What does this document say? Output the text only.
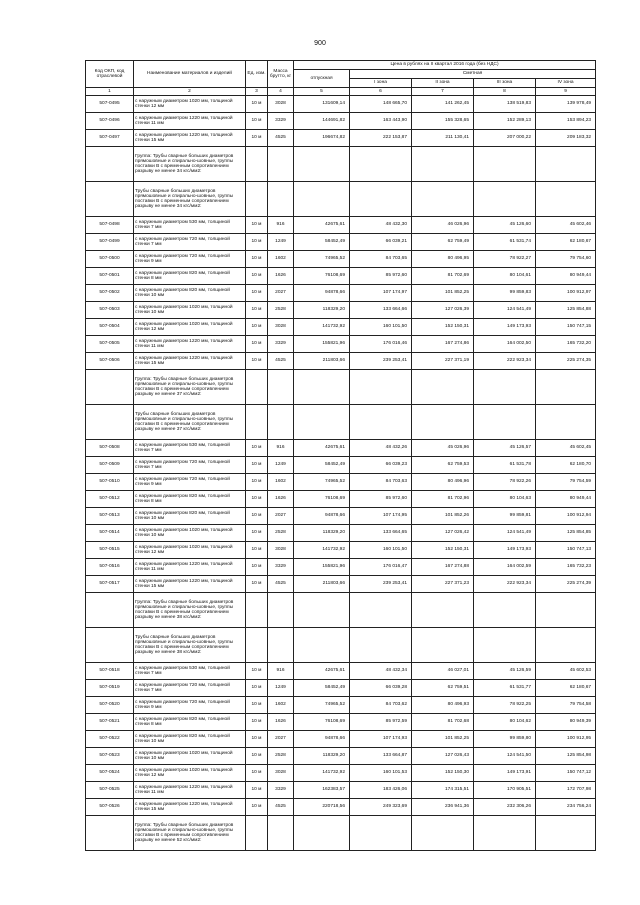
900
Код ОКП, код отраслевой	Наименование материалов и изделий	Ед. изм.	Масса брутто, кг	Цена в рублях на II квартал 2016 года (без НДС)				
				отпускная	Сметная			
					I зона	II зона	III зона	IV зона
1	2	3	4	5	6	7	8	9
507-0495	с наружным диаметром 1020 мм, толщиной стенки 12 мм	10 м	3028	131609,14	148 665,70	141 262,45	138 519,83	139 978,49
507-0496	с наружным диаметром 1220 мм, толщиной стенки 11 мм	10 м	3329	144691,82	163 443,90	155 328,65	152 289,13	153 894,23
507-0497	с наружным диаметром 1220 мм, толщиной стенки 15 мм	10 м	4525	196674,82	222 153,87	211 130,41	207 000,22	209 183,32
	Группа: Трубы сварные больших диаметров прямошовные и спирально-шовные, группы поставки В с временным сопротивлением разрыву не менее 34 кгс/мм2:							
	Трубы сварные больших диаметров прямошовные и спирально-шовные, группы поставки В с временным сопротивлением разрыву не менее 34 кгс/мм2:							
507-0498	с наружным диаметром 530 мм, толщиной стенки 7 мм	10 м	916	42675,61	48 432,30	46 026,96	45 126,60	45 602,46
507-0499	с наружным диаметром 720 мм, толщиной стенки 7 мм	10 м	1249	58452,49	66 039,21	62 759,49	61 531,74	62 180,67
507-0500	с наружным диаметром 720 мм, толщиной стенки 9 мм	10 м	1602	74965,52	84 703,65	80 496,95	78 922,27	79 754,60
507-0501	с наружным диаметром 820 мм, толщиной стенки 8 мм	10 м	1626	76108,69	85 972,60	81 702,69	80 104,61	80 949,44
507-0502	с наружным диаметром 820 мм, толщиной стенки 10 мм	10 м	2027	94878,66	107 174,97	101 852,25	99 859,83	100 912,97
507-0503	с наружным диаметром 1020 мм, толщиной стенки 10 мм	10 м	2528	118329,20	133 664,66	127 026,39	124 541,49	125 854,88
507-0504	с наружным диаметром 1020 мм, толщиной стенки 12 мм	10 м	3028	141732,92	160 101,50	152 150,31	149 173,93	150 747,15
507-0505	с наружным диаметром 1220 мм, толщиной стенки 11 мм	10 м	3329	155821,96	176 016,46	167 274,86	164 002,50	165 732,20
507-0506	с наружным диаметром 1220 мм, толщиной стенки 15 мм	10 м	4525	211803,66	239 253,41	227 371,19	222 923,34	225 274,35
	Группа: Трубы сварные больших диаметров прямошовные и спирально-шовные, группы поставки В с временным сопротивлением разрыву не менее 37 кгс/мм2:							
	Трубы сварные больших диаметров прямошовные и спирально-шовные, группы поставки В с временным сопротивлением разрыву не менее 37 кгс/мм2:							
507-0508	с наружным диаметром 530 мм, толщиной стенки 7 мм	10 м	916	42675,61	48 432,26	45 026,96	45 126,57	45 602,45
507-0509	с наружным диаметром 720 мм, толщиной стенки 7 мм	10 м	1249	58452,49	66 039,23	62 759,53	61 531,78	62 180,70
507-0510	с наружным диаметром 720 мм, толщиной стенки 9 мм	10 м	1602	74965,52	84 703,63	80 496,96	78 922,26	79 754,59
507-0512	с наружным диаметром 820 мм, толщиной стенки 8 мм	10 м	1626	76108,69	85 972,60	81 702,96	80 104,63	80 949,44
507-0513	с наружным диаметром 820 мм, толщиной стенки 10 мм	10 м	2027	94878,66	107 174,95	101 852,26	99 859,81	100 912,94
507-0514	с наружным диаметром 1020 мм, толщиной стенки 10 мм	10 м	2528	118329,20	133 664,65	127 026,42	124 541,49	125 854,85
507-0515	с наружным диаметром 1020 мм, толщиной стенки 12 мм	10 м	3028	141732,92	160 101,50	152 150,31	149 173,93	150 747,13
507-0516	с наружным диаметром 1220 мм, толщиной стенки 11 мм	10 м	3329	155821,96	176 016,47	167 274,88	164 002,59	165 732,23
507-0517	с наружным диаметром 1220 мм, толщиной стенки 15 мм	10 м	4525	211803,66	239 253,41	227 371,23	222 923,34	225 274,39
	Группа: Трубы сварные больших диаметров прямошовные и спирально-шовные, группы поставки В с временным сопротивлением разрыву не менее 38 кгс/мм2:							
	Трубы сварные больших диаметров прямошовные и спирально-шовные, группы поставки В с временным сопротивлением разрыву не менее 38 кгс/мм2:							
507-0518	с наружным диаметром 530 мм, толщиной стенки 7 мм	10 м	916	42675,61	48 432,34	46 027,01	45 126,59	45 602,53
507-0519	с наружным диаметром 720 мм, толщиной стенки 7 мм	10 м	1249	58452,49	66 039,28	62 759,51	61 531,77	62 180,67
507-0520	с наружным диаметром 720 мм, толщиной стенки 9 мм	10 м	1602	74965,52	84 703,62	80 496,93	78 922,25	79 754,58
507-0521	с наружным диаметром 820 мм, толщиной стенки 8 мм	10 м	1626	76108,69	85 972,59	81 702,68	80 104,62	80 949,39
507-0522	с наружным диаметром 820 мм, толщиной стенки 10 мм	10 м	2027	94878,66	107 174,93	101 852,25	99 859,80	100 912,95
507-0523	с наружным диаметром 1020 мм, толщиной стенки 10 мм	10 м	2528	118329,20	133 664,87	127 026,43	124 541,50	125 854,98
507-0524	с наружным диаметром 1020 мм, толщиной стенки 12 мм	10 м	3028	141732,92	160 101,53	152 150,30	149 173,91	150 747,12
507-0525	с наружным диаметром 1220 мм, толщиной стенки 11 мм	10 м	3329	162383,57	183 426,06	174 315,51	170 905,51	172 707,98
507-0526	с наружным диаметром 1220 мм, толщиной стенки 15 мм	10 м	4525	220718,56	249 323,69	236 941,36	232 306,26	234 756,24
	Группа: Трубы сварные больших диаметров прямошовные и спирально-шовные, группы поставки В с временным сопротивлением разрыву не менее 52 кгс/мм2:							
